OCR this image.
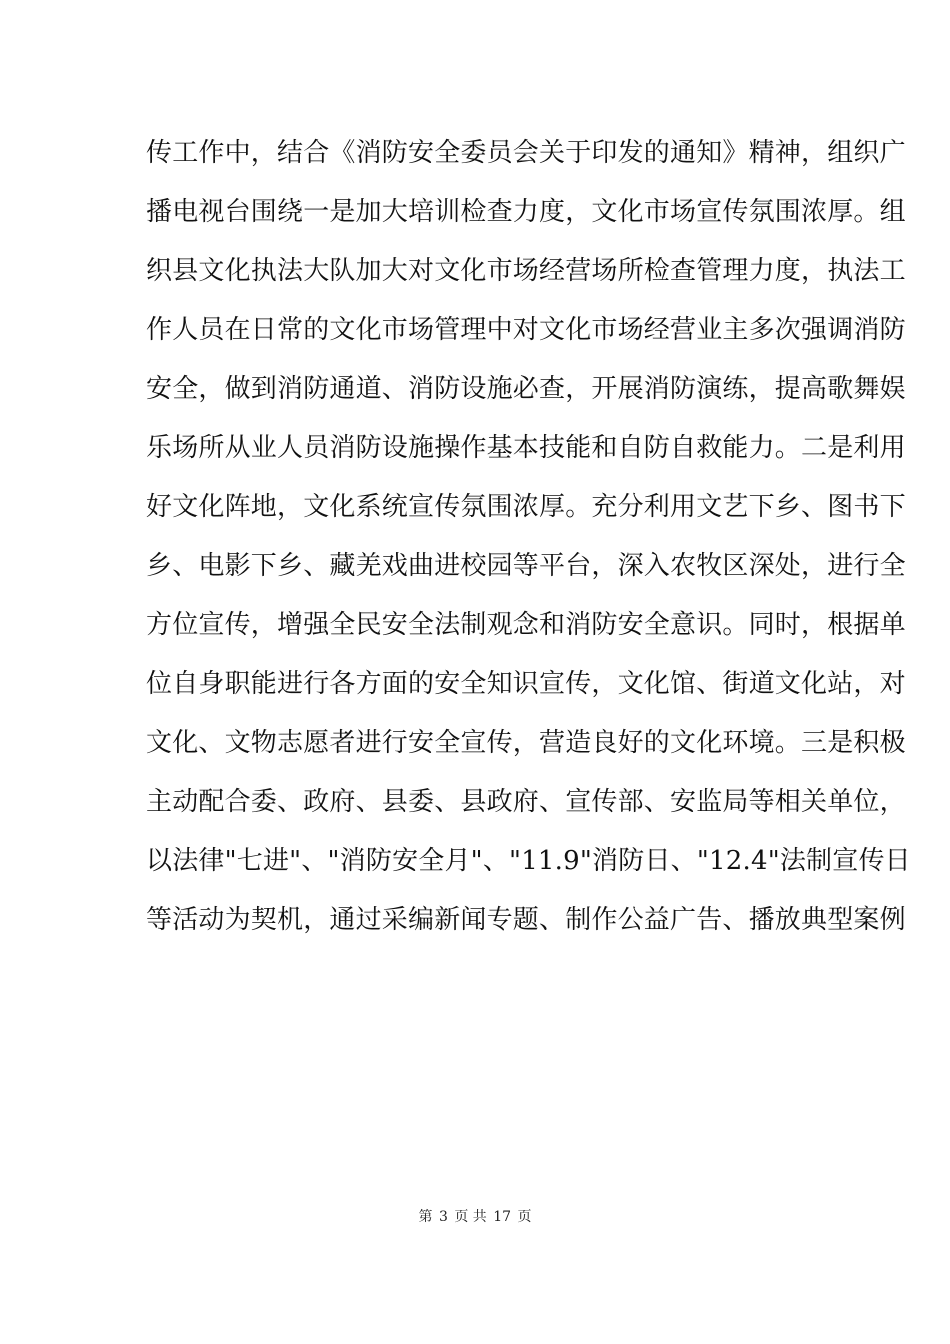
传工作中，结合《消防安全委员会关于印发的通知》精神，组织广
播电视台围绕一是加大培训检查力度，文化市场宣传氛围浓厚。组
织县文化执法大队加大对文化市场经营场所检查管理力度，执法工
作人员在日常的文化市场管理中对文化市场经营业主多次强调消防
安全，做到消防通道、消防设施必查，开展消防演练，提高歌舞娱
乐场所从业人员消防设施操作基本技能和自防自救能力。二是利用
好文化阵地，文化系统宣传氛围浓厚。充分利用文艺下乡、图书下
乡、电影下乡、藏羌戏曲进校园等平台，深入农牧区深处，进行全
方位宣传，增强全民安全法制观念和消防安全意识。同时，根据单
位自身职能进行各方面的安全知识宣传，文化馆、街道文化站，对
文化、文物志愿者进行安全宣传，营造良好的文化环境。三是积极
主动配合委、政府、县委、县政府、宣传部、安监局等相关单位，
以法律"七进"、"消防安全月"、"11.9"消防日、"12.4"法制宣传日
等活动为契机，通过采编新闻专题、制作公益广告、播放典型案例
第 3 页 共 17 页
